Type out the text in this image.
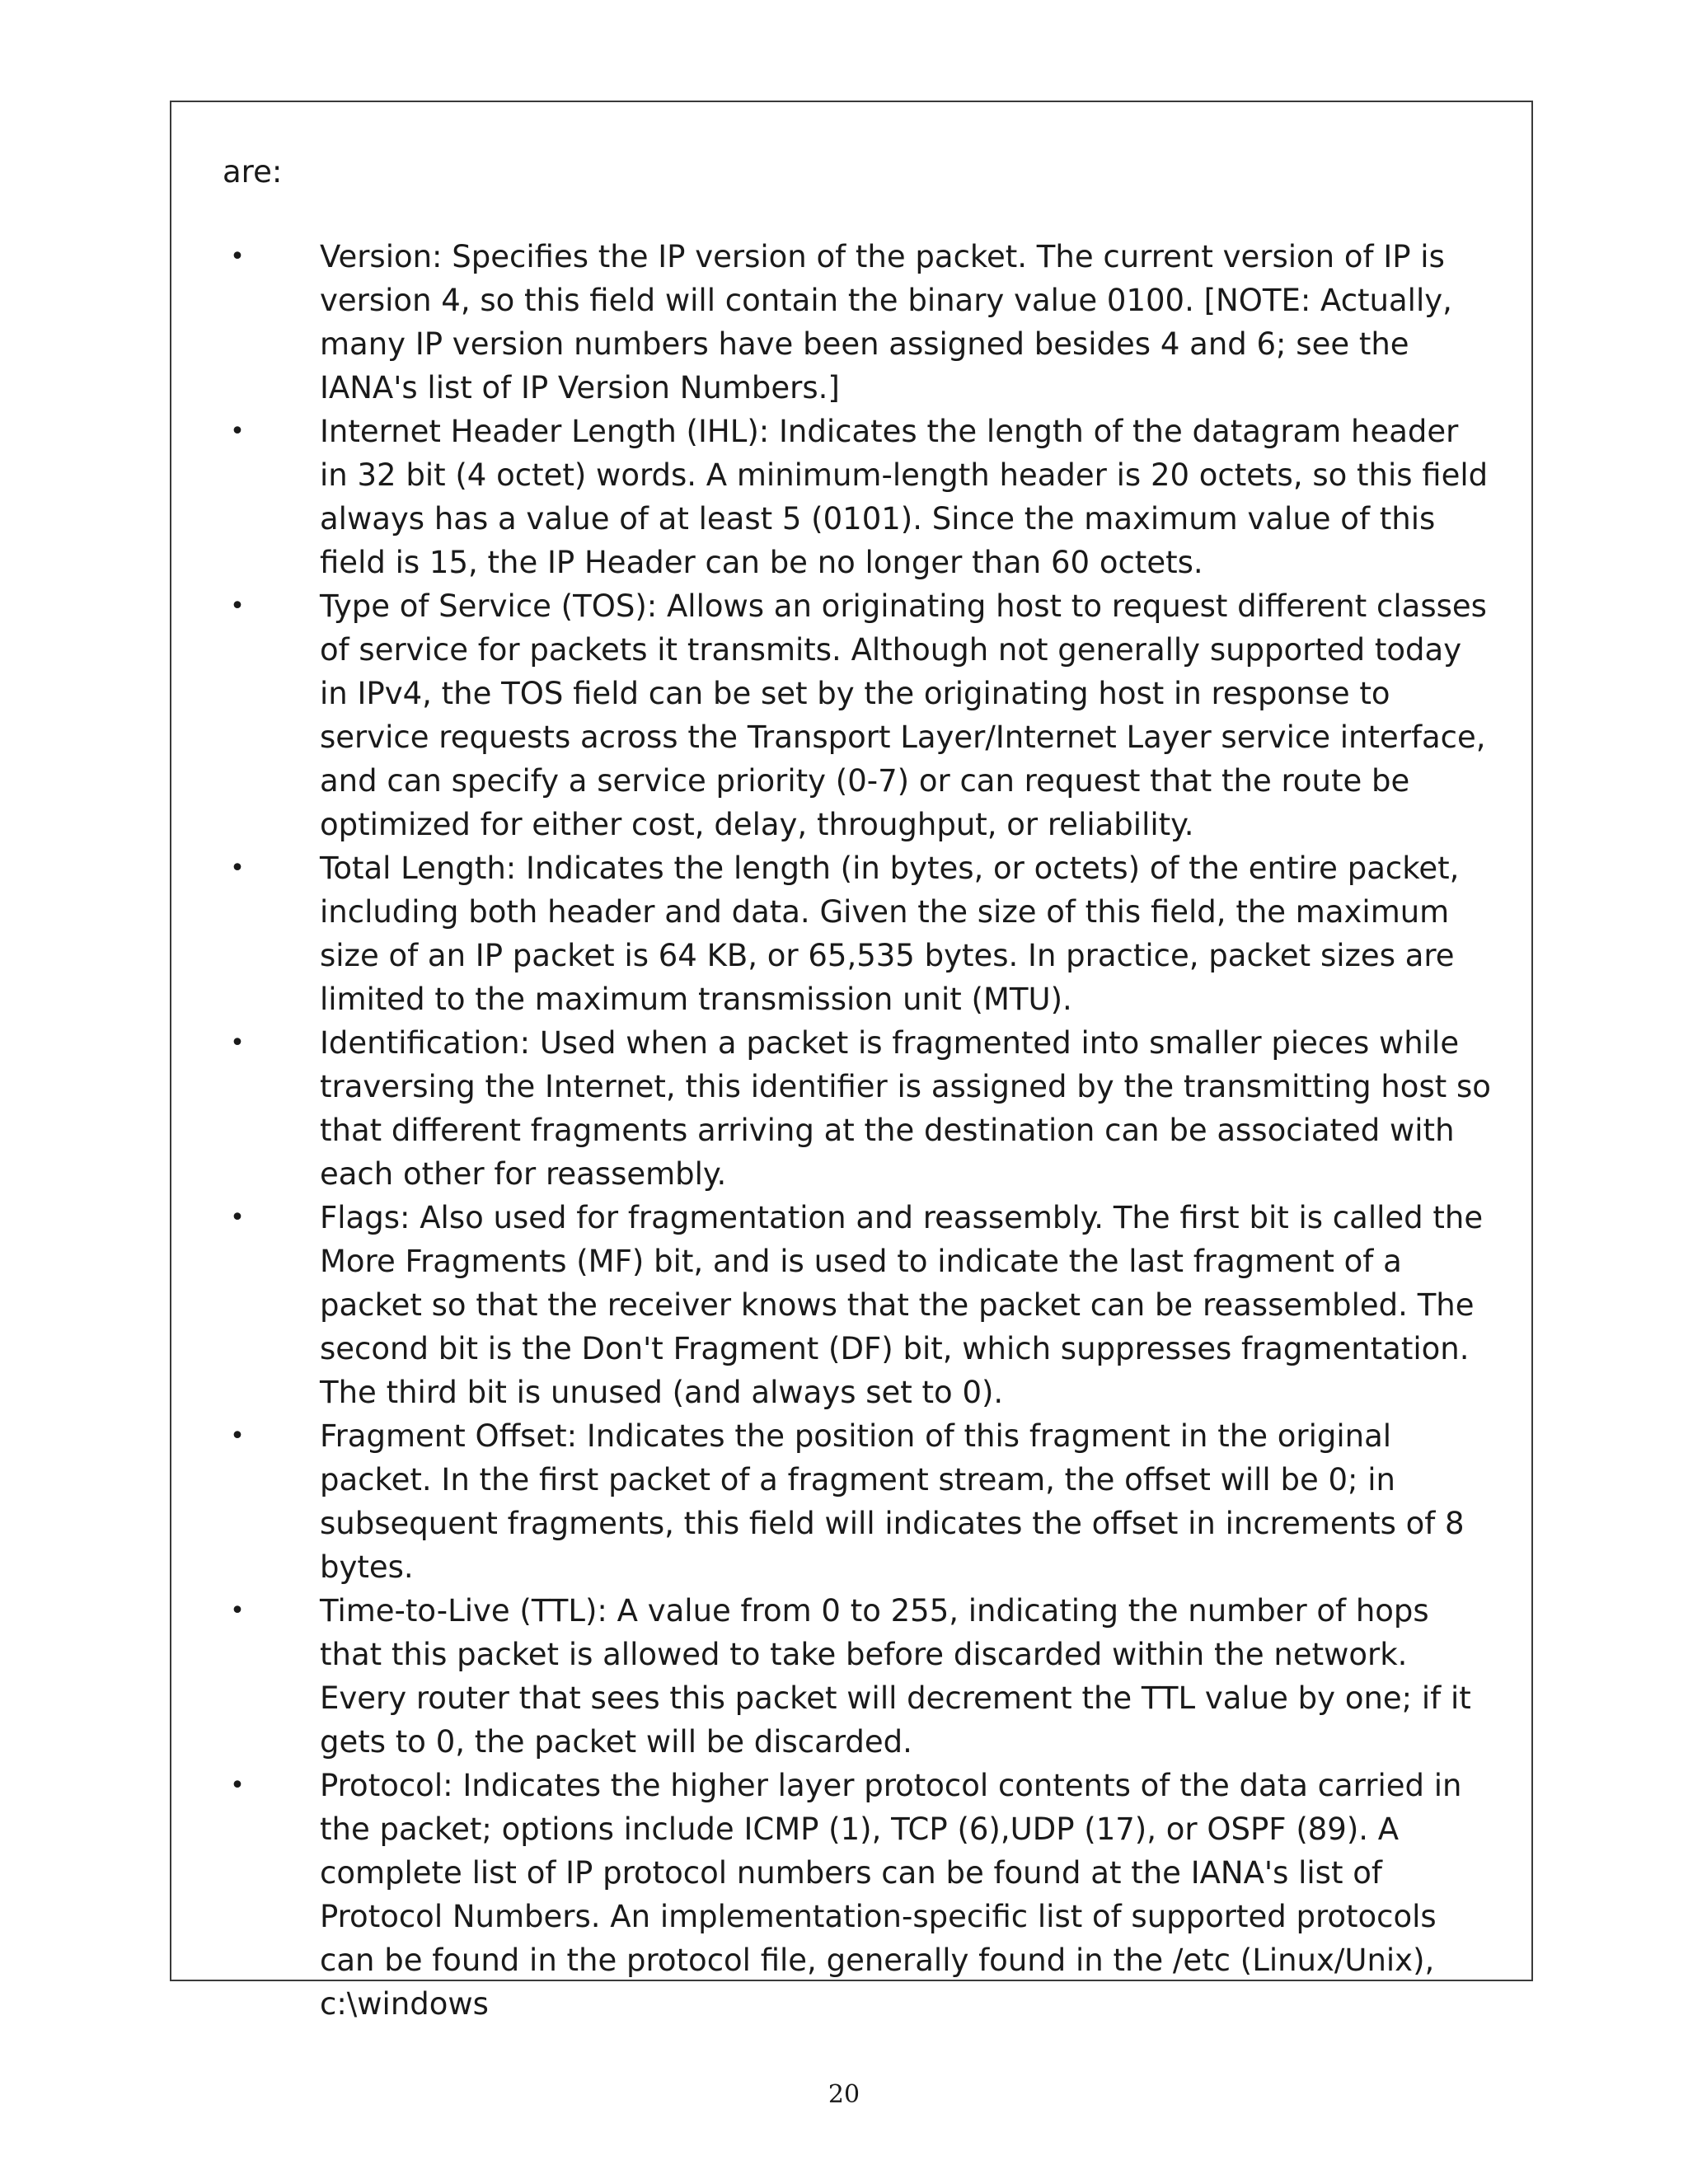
are:

• Version: Specifies the IP version of the packet. The current version of IP is version 4, so this field will contain the binary value 0100. [NOTE: Actually, many IP version numbers have been assigned besides 4 and 6; see the IANA's list of IP Version Numbers.]
• Internet Header Length (IHL): Indicates the length of the datagram header in 32 bit (4 octet) words. A minimum-length header is 20 octets, so this field always has a value of at least 5 (0101). Since the maximum value of this field is 15, the IP Header can be no longer than 60 octets.
• Type of Service (TOS): Allows an originating host to request different classes of service for packets it transmits. Although not generally supported today in IPv4, the TOS field can be set by the originating host in response to service requests across the Transport Layer/Internet Layer service interface, and can specify a service priority (0-7) or can request that the route be optimized for either cost, delay, throughput, or reliability.
• Total Length: Indicates the length (in bytes, or octets) of the entire packet, including both header and data. Given the size of this field, the maximum size of an IP packet is 64 KB, or 65,535 bytes. In practice, packet sizes are limited to the maximum transmission unit (MTU).
• Identification: Used when a packet is fragmented into smaller pieces while traversing the Internet, this identifier is assigned by the transmitting host so that different fragments arriving at the destination can be associated with each other for reassembly.
• Flags: Also used for fragmentation and reassembly. The first bit is called the More Fragments (MF) bit, and is used to indicate the last fragment of a packet so that the receiver knows that the packet can be reassembled. The second bit is the Don't Fragment (DF) bit, which suppresses fragmentation. The third bit is unused (and always set to 0).
• Fragment Offset: Indicates the position of this fragment in the original packet. In the first packet of a fragment stream, the offset will be 0; in subsequent fragments, this field will indicates the offset in increments of 8 bytes.
• Time-to-Live (TTL): A value from 0 to 255, indicating the number of hops that this packet is allowed to take before discarded within the network. Every router that sees this packet will decrement the TTL value by one; if it gets to 0, the packet will be discarded.
• Protocol: Indicates the higher layer protocol contents of the data carried in the packet; options include ICMP (1), TCP (6),UDP (17), or OSPF (89). A complete list of IP protocol numbers can be found at the IANA's list of Protocol Numbers. An implementation-specific list of supported protocols can be found in the protocol file, generally found in the /etc (Linux/Unix), c:\windows
20
